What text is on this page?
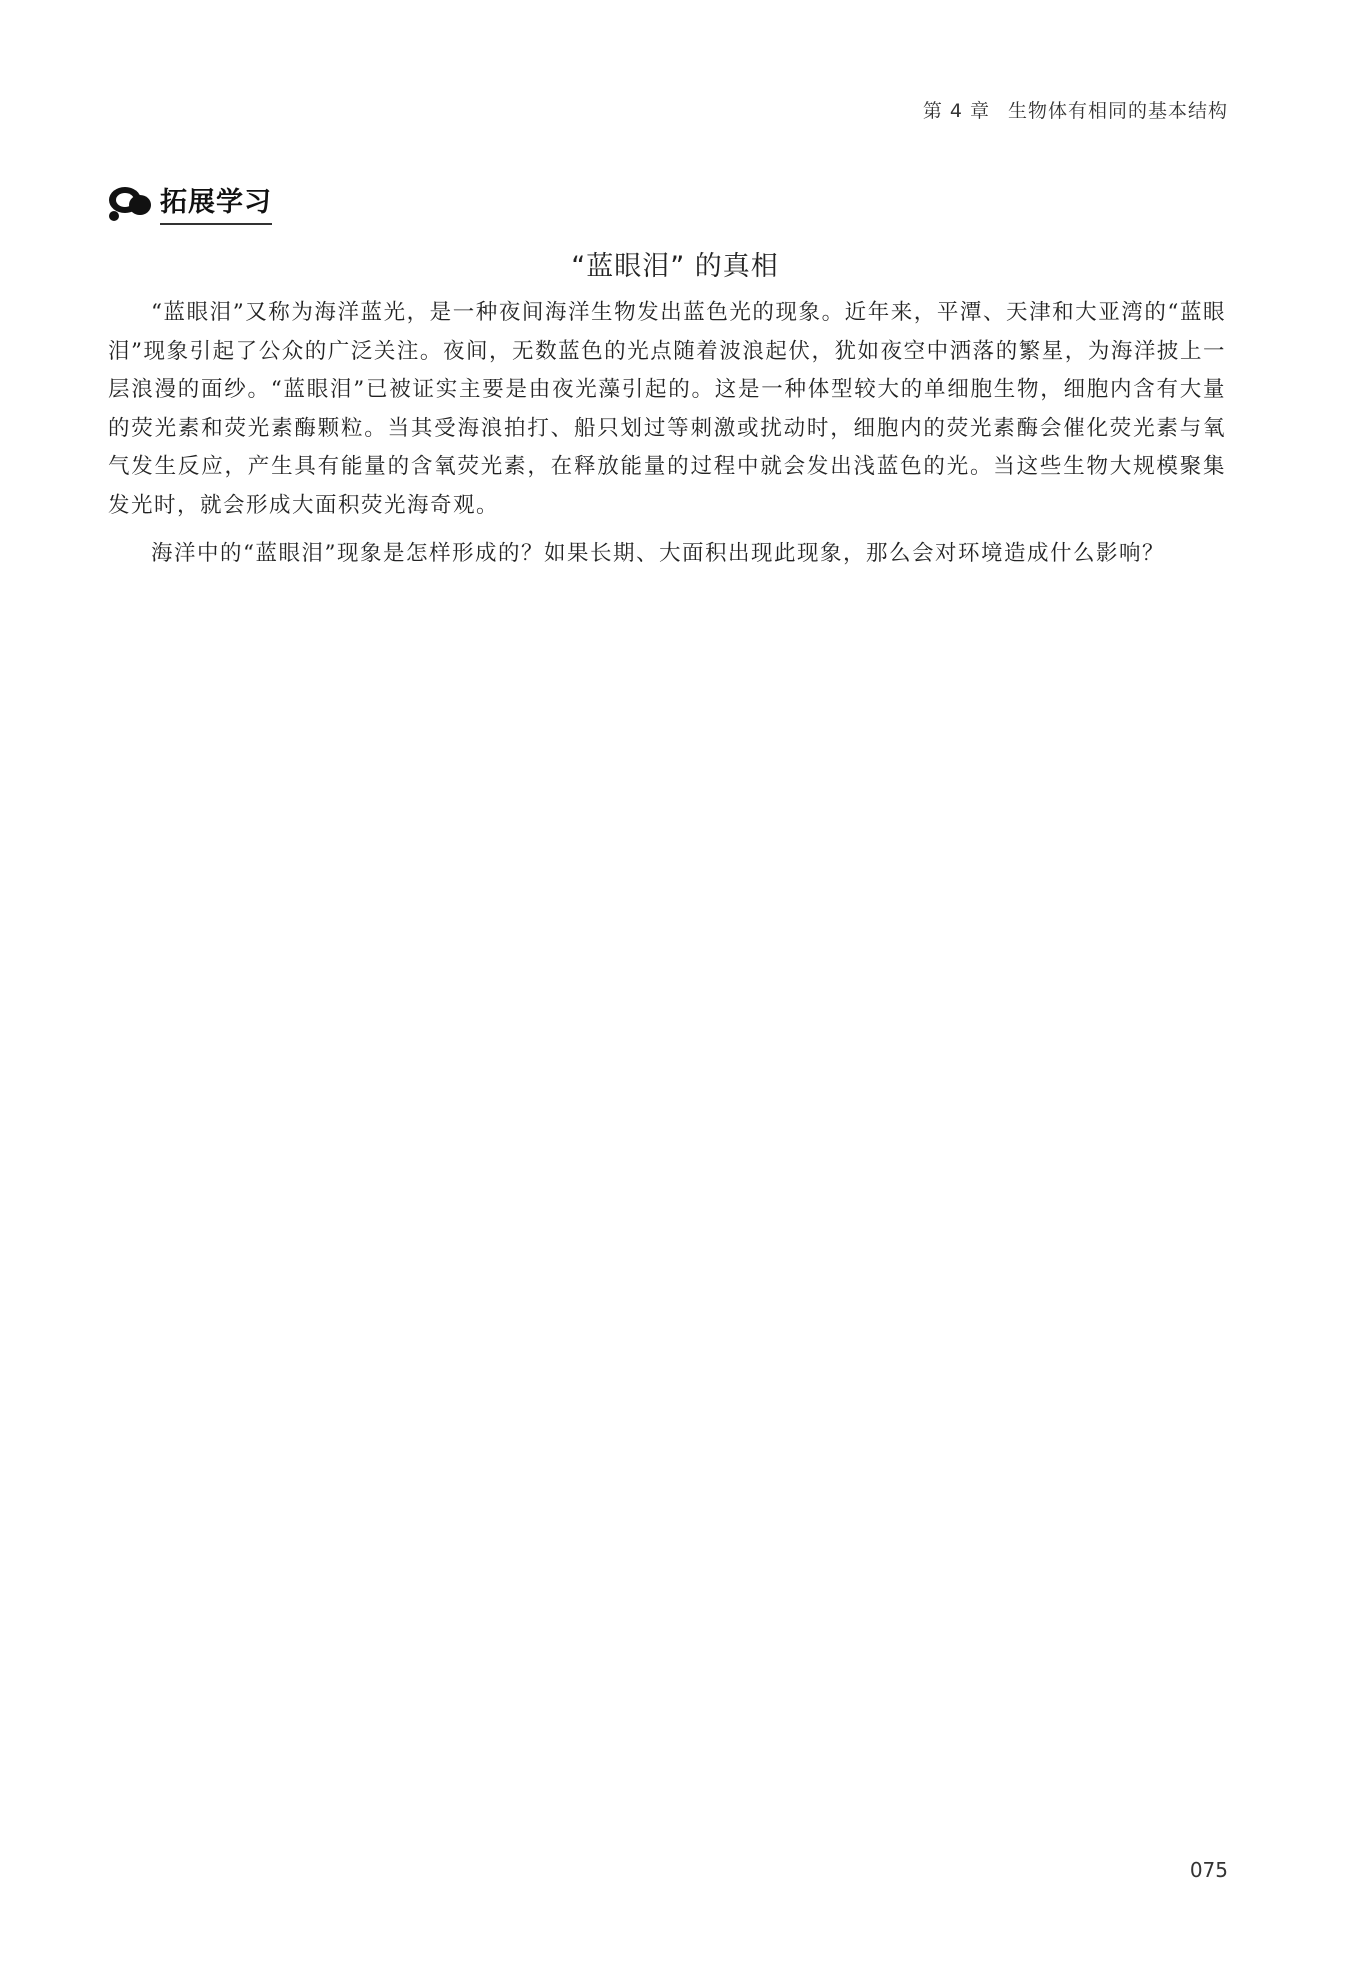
第 4 章 生物体有相同的基本结构
拓展学习
“蓝眼泪” 的真相

“蓝眼泪”又称为海洋蓝光，是一种夜间海洋生物发出蓝色光的现象。近年来，平潭、天津和大亚湾的“蓝眼泪”现象引起了公众的广泛关注。夜间，无数蓝色的光点随着波浪起伏，犹如夜空中洒落的繁星，为海洋披上一层浪漫的面纱。“蓝眼泪”已被证实主要是由夜光藻引起的。这是一种体型较大的单细胞生物，细胞内含有大量的荧光素和荧光素酶颗粒。当其受海浪拍打、船只划过等刺激或扰动时，细胞内的荧光素酶会催化荧光素与氧气发生反应，产生具有能量的含氧荧光素，在释放能量的过程中就会发出浅蓝色的光。当这些生物大规模聚集发光时，就会形成大面积荧光海奇观。

海洋中的“蓝眼泪”现象是怎样形成的？如果长期、大面积出现此现象，那么会对环境造成什么影响？

075
